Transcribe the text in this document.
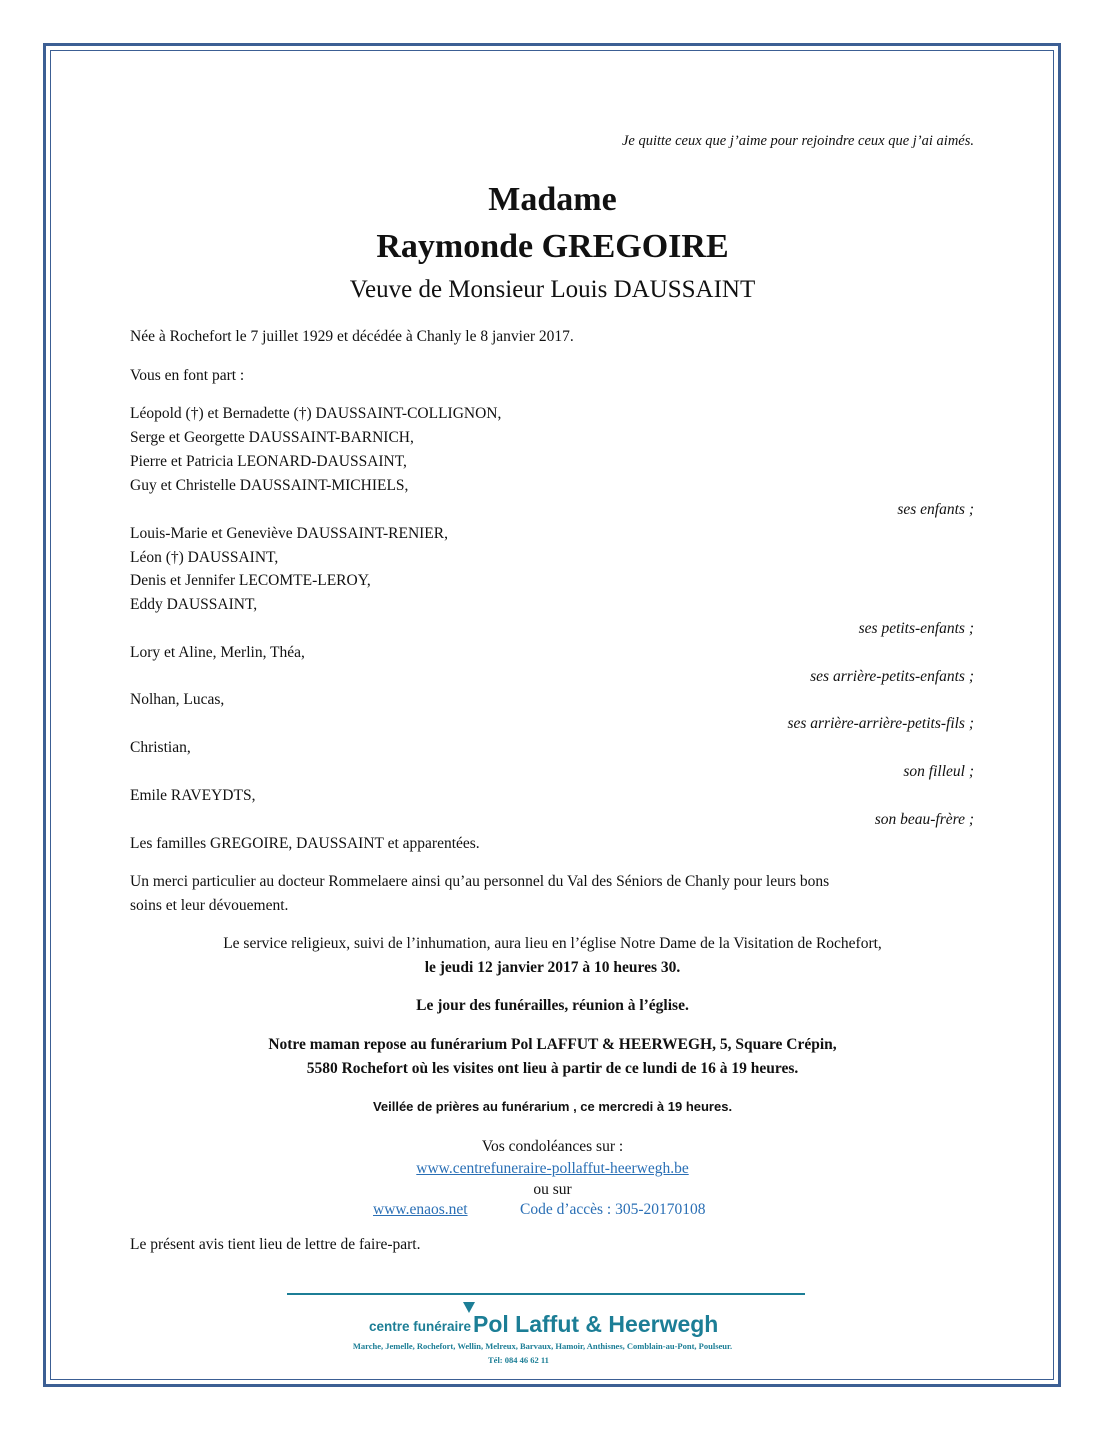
Je quitte ceux que j’aime pour rejoindre ceux que j’ai aimés.
Madame
Raymonde GREGOIRE
Veuve de Monsieur Louis DAUSSAINT
Née à Rochefort le 7 juillet 1929 et décédée à Chanly le 8 janvier 2017.
Vous en font part :
Léopold (†) et Bernadette (†) DAUSSAINT-COLLIGNON,
Serge et Georgette DAUSSAINT-BARNICH,
Pierre et Patricia LEONARD-DAUSSAINT,
Guy et Christelle DAUSSAINT-MICHIELS,
ses enfants ;
Louis-Marie et Geneviève DAUSSAINT-RENIER,
Léon (†) DAUSSAINT,
Denis et Jennifer LECOMTE-LEROY,
Eddy DAUSSAINT,
ses petits-enfants ;
Lory et Aline, Merlin, Théa,
ses arrière-petits-enfants ;
Nolhan, Lucas,
ses arrière-arrière-petits-fils ;
Christian,
son filleul ;
Emile RAVEYDTS,
son beau-frère ;
Les familles GREGOIRE, DAUSSAINT et apparentées.
Un merci particulier au docteur Rommelaere ainsi qu’au personnel du Val des Séniors de Chanly pour leurs bons
soins et leur dévouement.
Le service religieux, suivi de l’inhumation, aura lieu en l’église Notre Dame de la Visitation de Rochefort,
le jeudi 12 janvier 2017 à 10 heures 30.
Le jour des funérailles, réunion à l’église.
Notre maman repose au funérarium Pol LAFFUT & HEERWEGH, 5, Square Crépin,
5580 Rochefort où les visites ont lieu à partir de ce lundi de 16 à 19 heures.
Veillée de prières au funérarium , ce mercredi à 19 heures.
Vos condoléances sur :
www.centrefuneraire-pollaffut-heerwegh.be
ou sur
www.enaos.net	Code d’accès : 305-20170108
Le présent avis tient lieu de lettre de faire-part.
centre funéraire Pol Laffut & Heerwegh
Marche, Jemelle, Rochefort, Wellin, Melreux, Barvaux, Hamoir, Anthisnes, Comblain-au-Pont, Poulseur.
Tél: 084 46 62 11
